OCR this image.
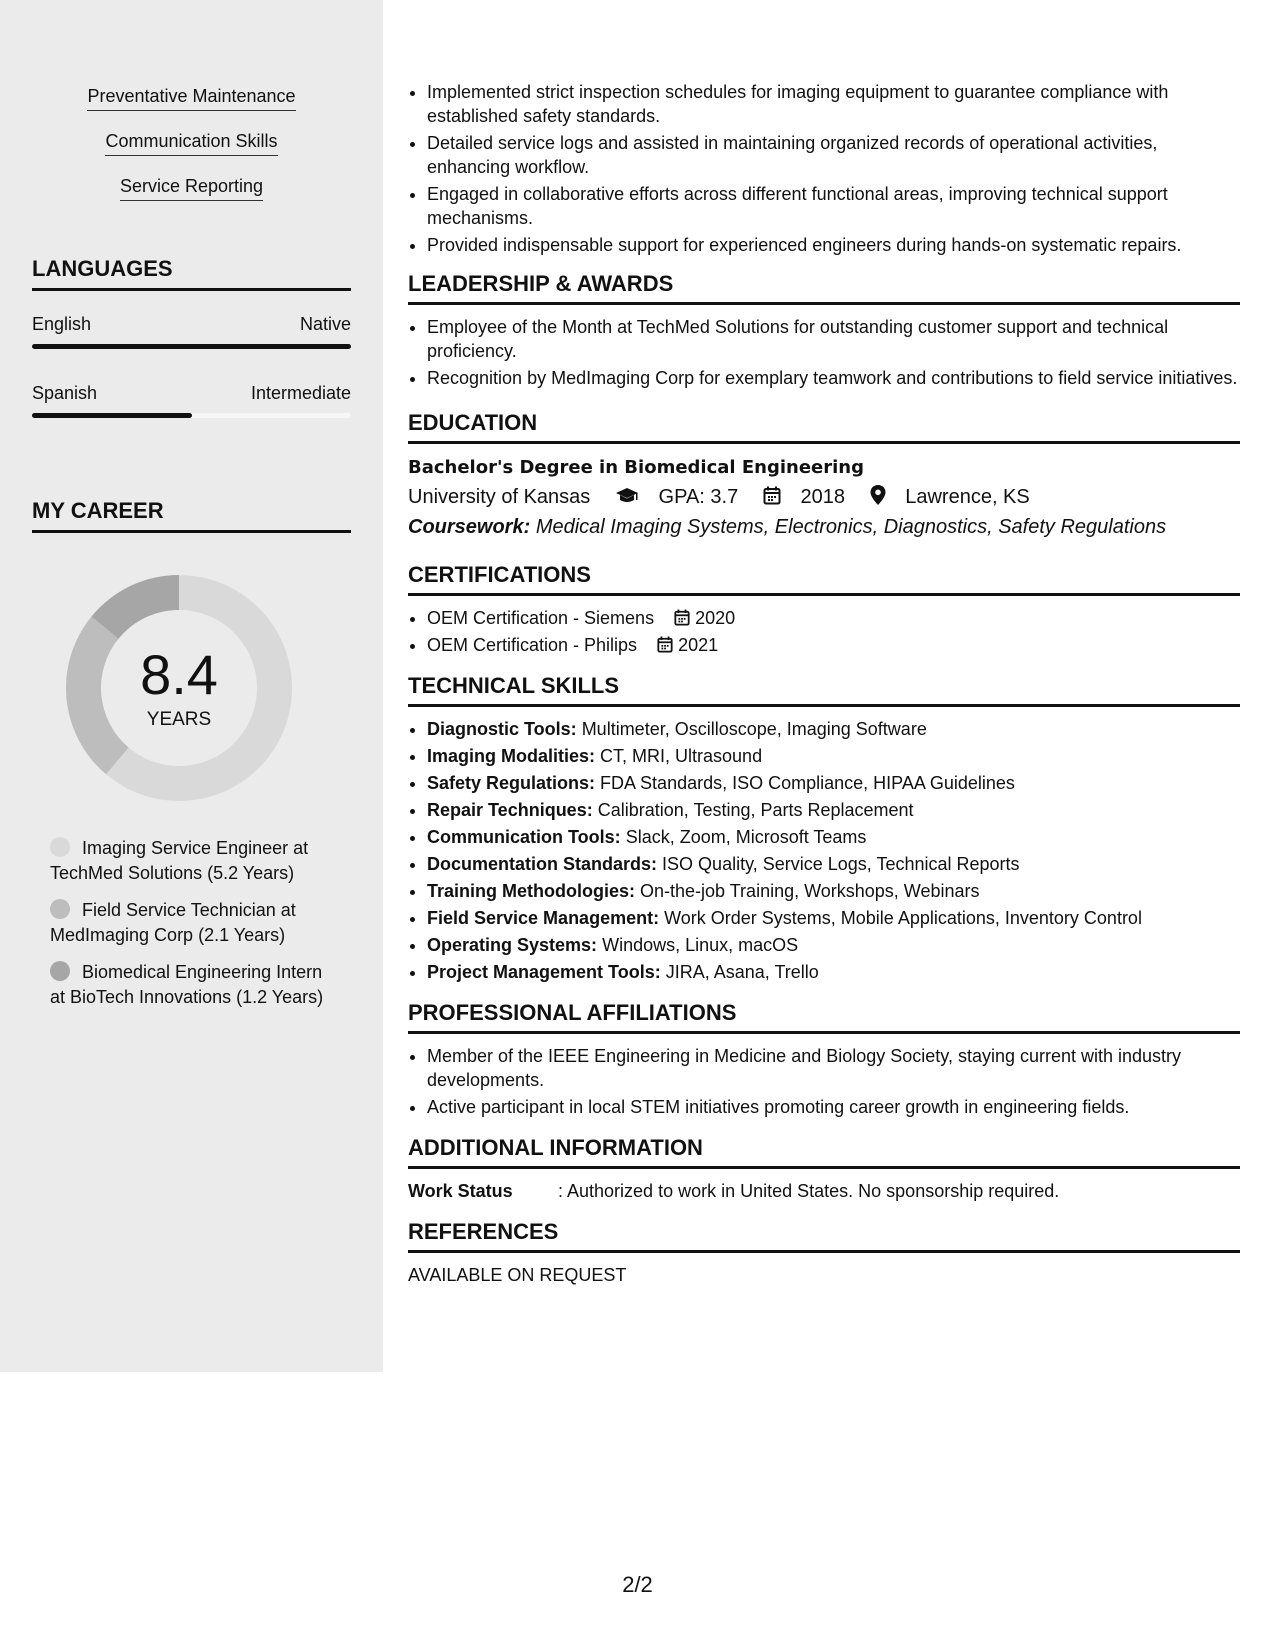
Preventative Maintenance
Communication Skills
Service Reporting
LANGUAGES
English	Native
Spanish	Intermediate
MY CAREER
8.4
YEARS
Imaging Service Engineer at TechMed Solutions (5.2 Years)
Field Service Technician at MedImaging Corp (2.1 Years)
Biomedical Engineering Intern at BioTech Innovations (1.2 Years)
• Implemented strict inspection schedules for imaging equipment to guarantee compliance with established safety standards.
• Detailed service logs and assisted in maintaining organized records of operational activities, enhancing workflow.
• Engaged in collaborative efforts across different functional areas, improving technical support mechanisms.
• Provided indispensable support for experienced engineers during hands-on systematic repairs.
LEADERSHIP & AWARDS
• Employee of the Month at TechMed Solutions for outstanding customer support and technical proficiency.
• Recognition by MedImaging Corp for exemplary teamwork and contributions to field service initiatives.
EDUCATION
Bachelor's Degree in Biomedical Engineering
University of Kansas	GPA: 3.7	2018	Lawrence, KS
Coursework: Medical Imaging Systems, Electronics, Diagnostics, Safety Regulations
CERTIFICATIONS
• OEM Certification - Siemens 2020
• OEM Certification - Philips 2021
TECHNICAL SKILLS
• Diagnostic Tools: Multimeter, Oscilloscope, Imaging Software
• Imaging Modalities: CT, MRI, Ultrasound
• Safety Regulations: FDA Standards, ISO Compliance, HIPAA Guidelines
• Repair Techniques: Calibration, Testing, Parts Replacement
• Communication Tools: Slack, Zoom, Microsoft Teams
• Documentation Standards: ISO Quality, Service Logs, Technical Reports
• Training Methodologies: On-the-job Training, Workshops, Webinars
• Field Service Management: Work Order Systems, Mobile Applications, Inventory Control
• Operating Systems: Windows, Linux, macOS
• Project Management Tools: JIRA, Asana, Trello
PROFESSIONAL AFFILIATIONS
• Member of the IEEE Engineering in Medicine and Biology Society, staying current with industry developments.
• Active participant in local STEM initiatives promoting career growth in engineering fields.
ADDITIONAL INFORMATION
Work Status	: Authorized to work in United States. No sponsorship required.
REFERENCES
AVAILABLE ON REQUEST
2/2
